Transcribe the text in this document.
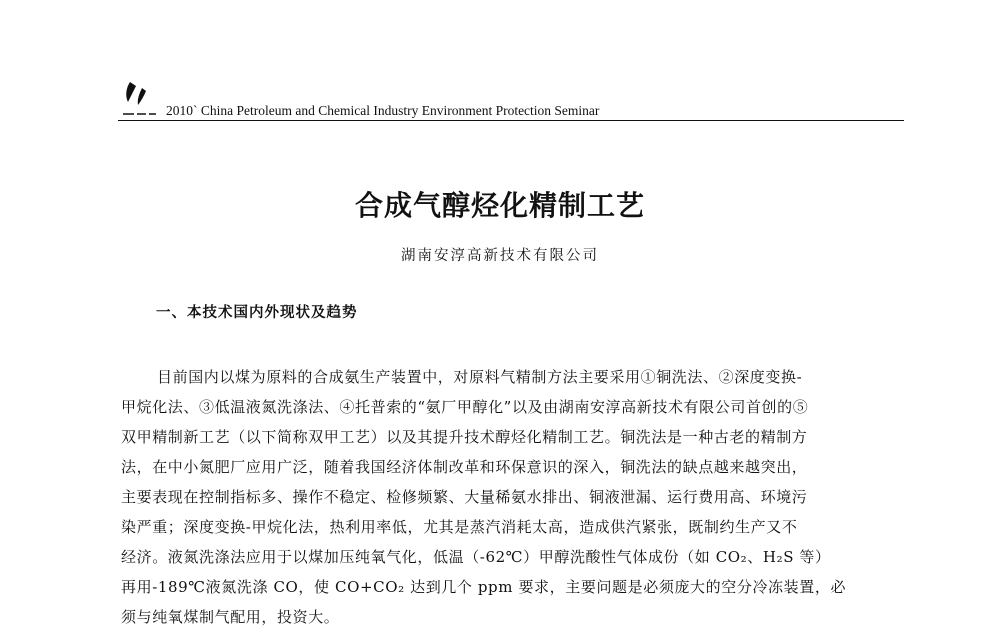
2010` China Petroleum and Chemical Industry Environment Protection Seminar
合成气醇烃化精制工艺
湖南安淳高新技术有限公司
一、本技术国内外现状及趋势
目前国内以煤为原料的合成氨生产装置中，对原料气精制方法主要采用①铜洗法、②深度变换-
甲烷化法、③低温液氮洗涤法、④托普索的“氨厂甲醇化”以及由湖南安淳高新技术有限公司首创的⑤
双甲精制新工艺（以下简称双甲工艺）以及其提升技术醇烃化精制工艺。铜洗法是一种古老的精制方
法，在中小氮肥厂应用广泛，随着我国经济体制改革和环保意识的深入，铜洗法的缺点越来越突出，
主要表现在控制指标多、操作不稳定、检修频繁、大量稀氨水排出、铜液泄漏、运行费用高、环境污
染严重；深度变换-甲烷化法，热利用率低，尤其是蒸汽消耗太高，造成供汽紧张，既制约生产又不
经济。液氮洗涤法应用于以煤加压纯氧气化，低温（-62℃）甲醇洗酸性气体成份（如 CO₂、H₂S 等）
再用-189℃液氮洗涤 CO，使 CO+CO₂ 达到几个 ppm 要求，主要问题是必须庞大的空分冷冻装置，必
须与纯氧煤制气配用，投资大。
